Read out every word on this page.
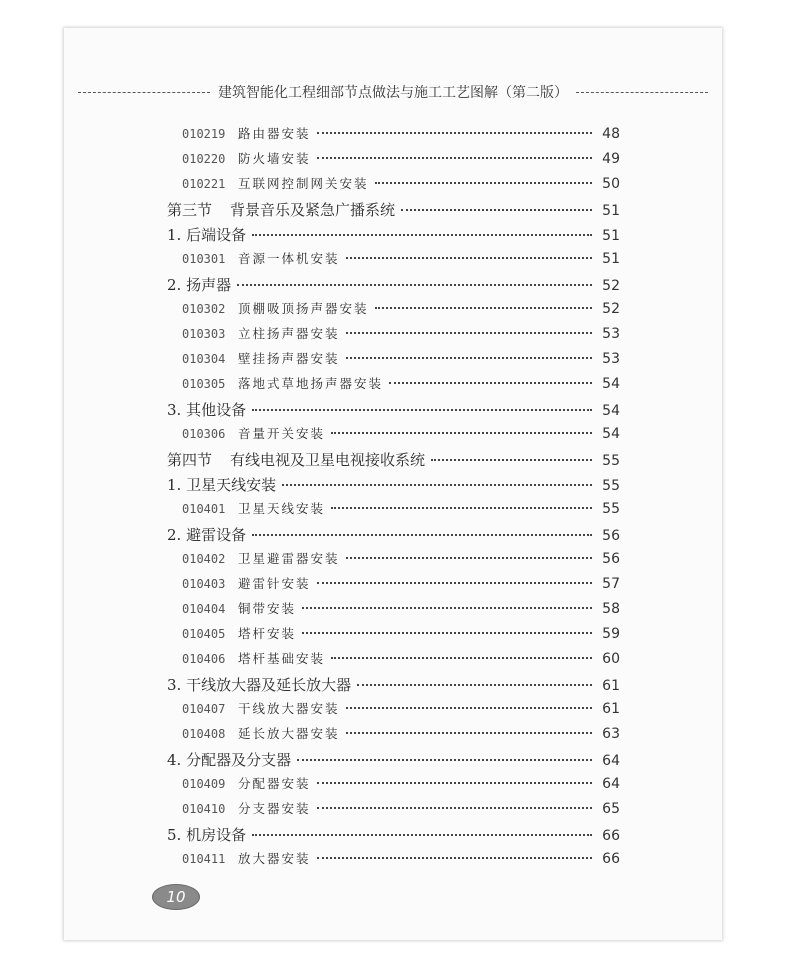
建筑智能化工程细部节点做法与施工工艺图解（第二版）
010219	路由器安装	48
010220	防火墙安装	49
010221	互联网控制网关安装	50
第三节 背景音乐及紧急广播系统	51
1. 后端设备	51
010301	音源一体机安装	51
2. 扬声器	52
010302	顶棚吸顶扬声器安装	52
010303	立柱扬声器安装	53
010304	壁挂扬声器安装	53
010305	落地式草地扬声器安装	54
3. 其他设备	54
010306	音量开关安装	54
第四节 有线电视及卫星电视接收系统	55
1. 卫星天线安装	55
010401	卫星天线安装	55
2. 避雷设备	56
010402	卫星避雷器安装	56
010403	避雷针安装	57
010404	铜带安装	58
010405	塔杆安装	59
010406	塔杆基础安装	60
3. 干线放大器及延长放大器	61
010407	干线放大器安装	61
010408	延长放大器安装	63
4. 分配器及分支器	64
010409	分配器安装	64
010410	分支器安装	65
5. 机房设备	66
010411	放大器安装	66
10
